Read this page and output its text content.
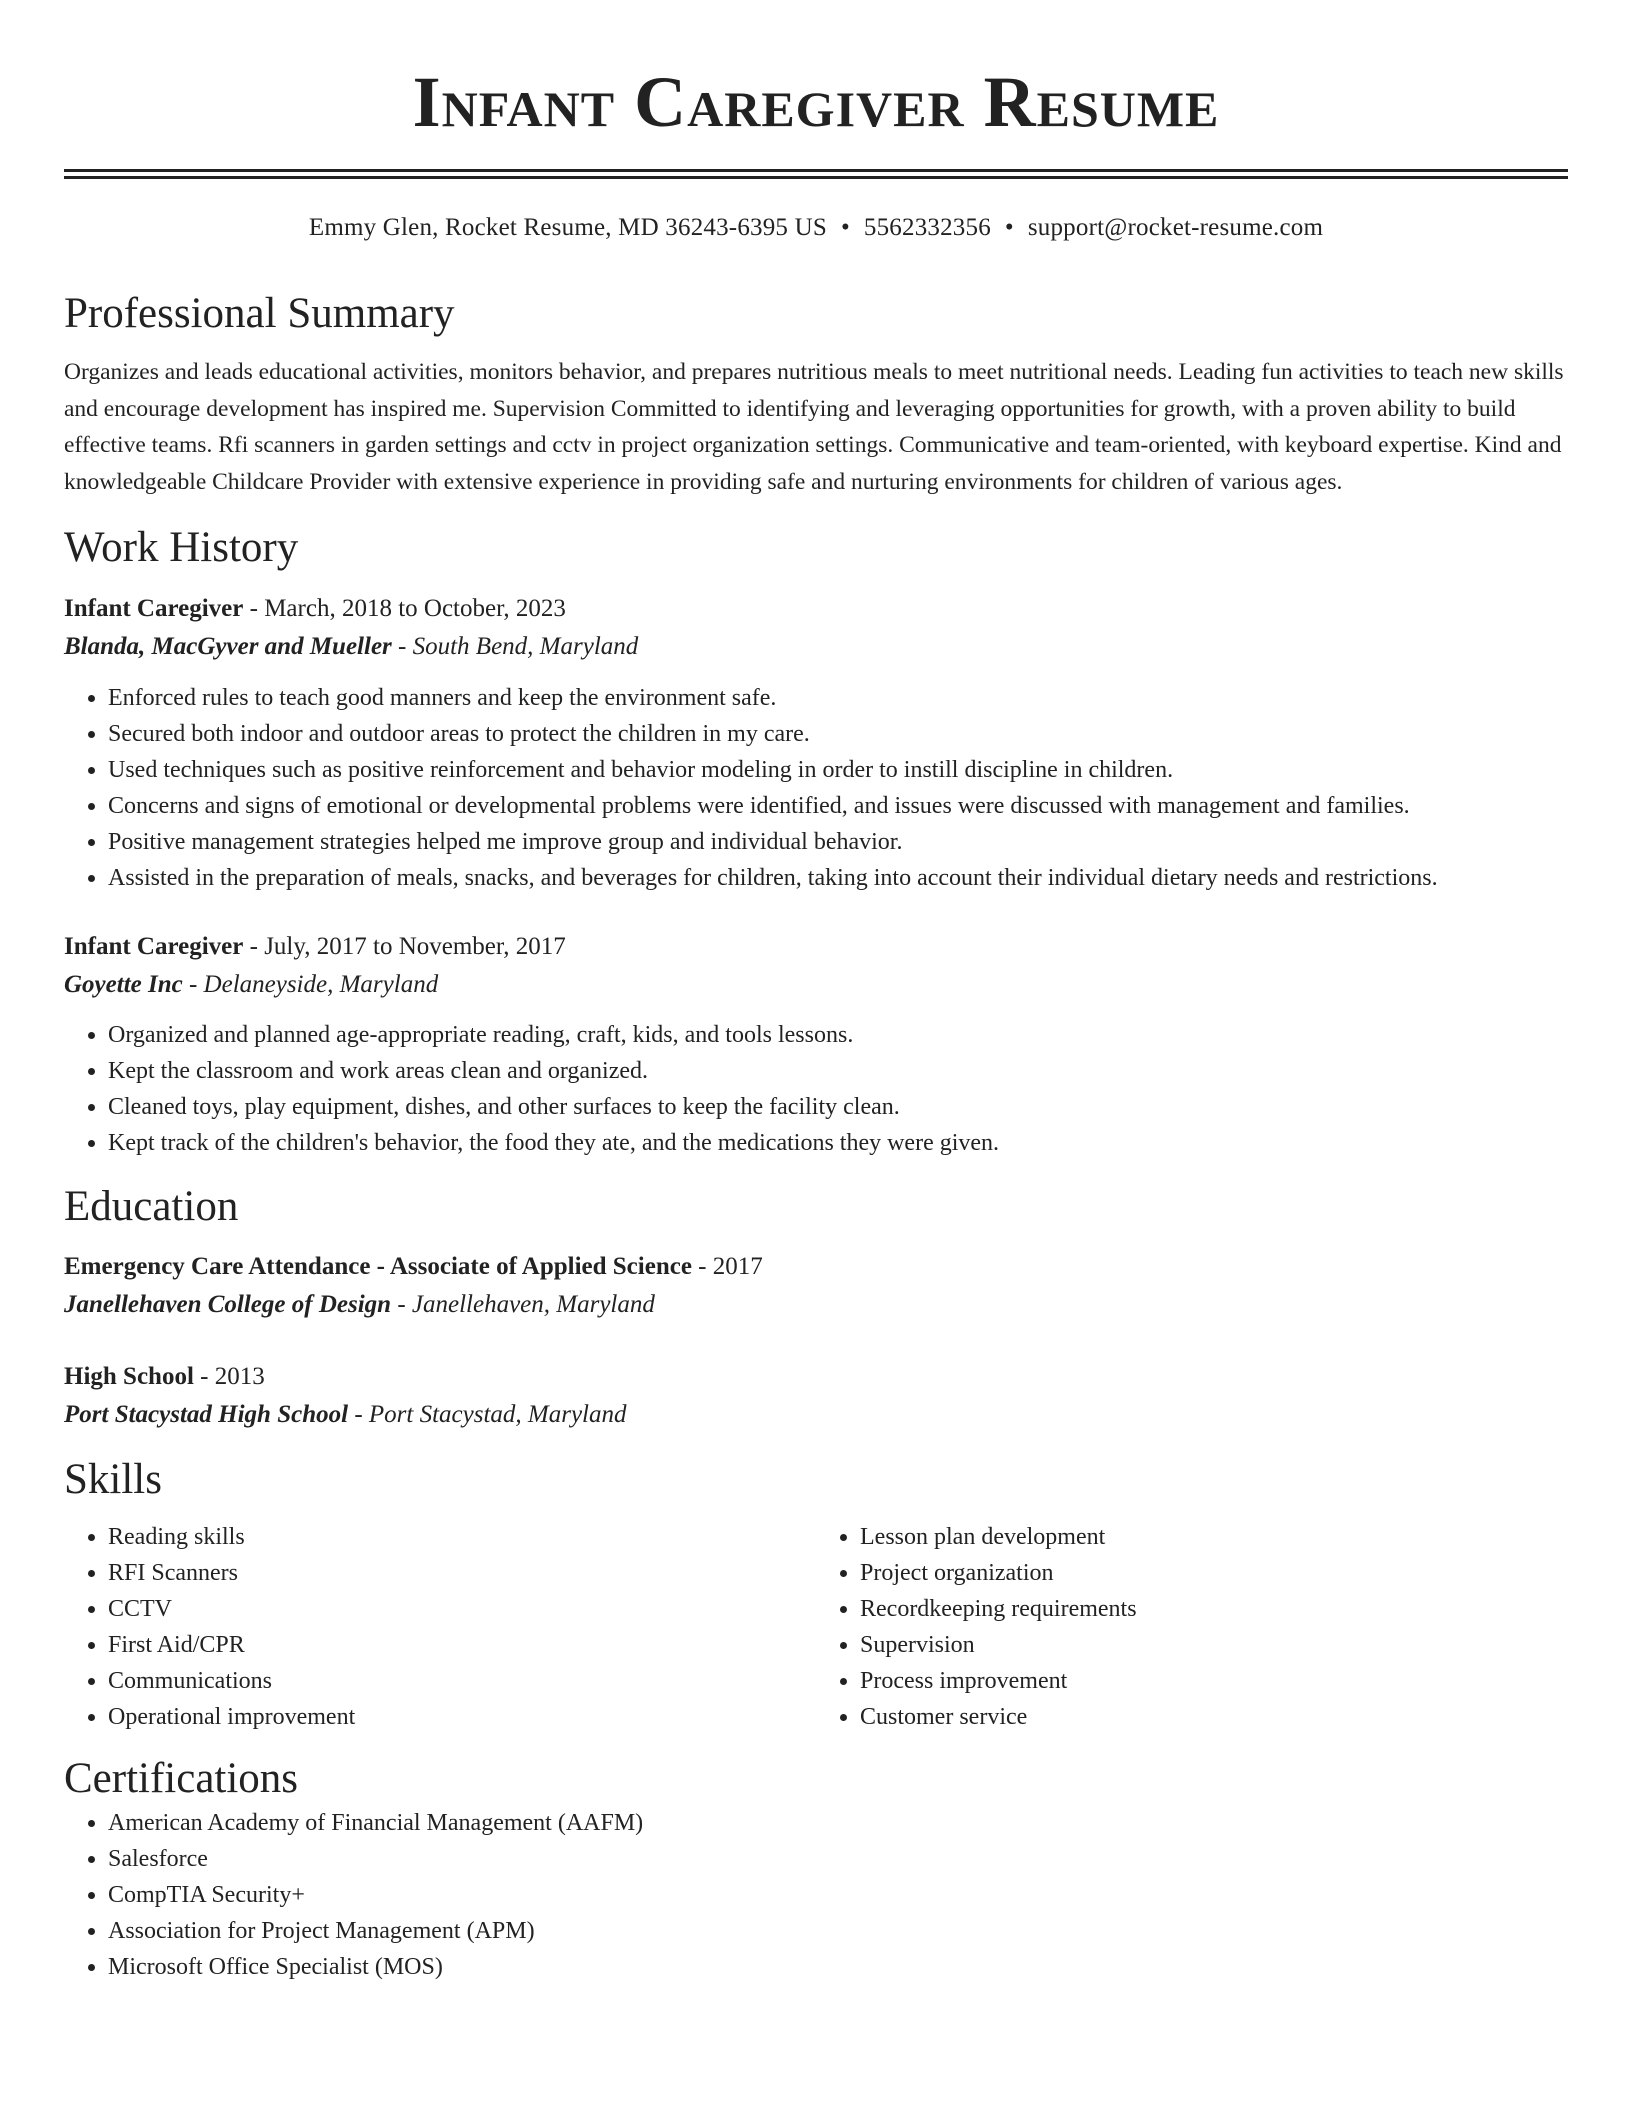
Infant Caregiver Resume
Emmy Glen, Rocket Resume, MD 36243-6395 US • 5562332356 • support@rocket-resume.com
Professional Summary

Organizes and leads educational activities, monitors behavior, and prepares nutritious meals to meet nutritional needs. Leading fun activities to teach new skills and encourage development has inspired me. Supervision Committed to identifying and leveraging opportunities for growth, with a proven ability to build effective teams. Rfi scanners in garden settings and cctv in project organization settings. Communicative and team-oriented, with keyboard expertise. Kind and knowledgeable Childcare Provider with extensive experience in providing safe and nurturing environments for children of various ages.

Work History
Infant Caregiver - March, 2018 to October, 2023
Blanda, MacGyver and Mueller - South Bend, Maryland
• Enforced rules to teach good manners and keep the environment safe.
• Secured both indoor and outdoor areas to protect the children in my care.
• Used techniques such as positive reinforcement and behavior modeling in order to instill discipline in children.
• Concerns and signs of emotional or developmental problems were identified, and issues were discussed with management and families.
• Positive management strategies helped me improve group and individual behavior.
• Assisted in the preparation of meals, snacks, and beverages for children, taking into account their individual dietary needs and restrictions.
Infant Caregiver - July, 2017 to November, 2017
Goyette Inc - Delaneyside, Maryland
• Organized and planned age-appropriate reading, craft, kids, and tools lessons.
• Kept the classroom and work areas clean and organized.
• Cleaned toys, play equipment, dishes, and other surfaces to keep the facility clean.
• Kept track of the children's behavior, the food they ate, and the medications they were given.
Education
Emergency Care Attendance - Associate of Applied Science - 2017
Janellehaven College of Design - Janellehaven, Maryland
High School - 2013
Port Stacystad High School - Port Stacystad, Maryland
Skills
• Reading skills
• RFI Scanners
• CCTV
• First Aid/CPR
• Communications
• Operational improvement
• Lesson plan development
• Project organization
• Recordkeeping requirements
• Supervision
• Process improvement
• Customer service
Certifications
• American Academy of Financial Management (AAFM)
• Salesforce
• CompTIA Security+
• Association for Project Management (APM)
• Microsoft Office Specialist (MOS)
